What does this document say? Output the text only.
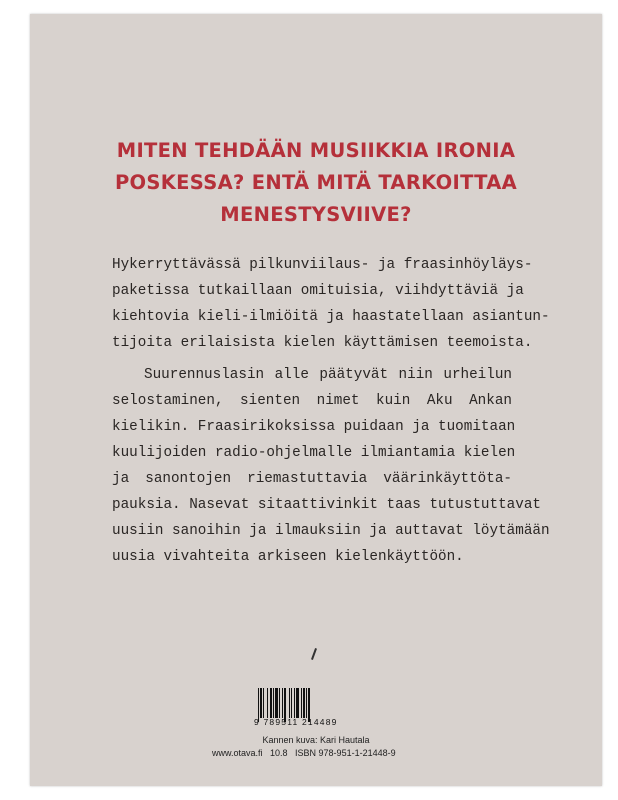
MITEN TEHDÄÄN MUSIIKKIA IRONIA
POSKESSA? ENTÄ MITÄ TARKOITTAA
MENESTYSVIIVE?
Hykerryttävässä pilkunviilaus- ja fraasinhöyläys-
paketissa tutkaillaan omituisia, viihdyttäviä ja
kiehtovia kieli-ilmiöitä ja haastatellaan asiantun-
tijoita erilaisista kielen käyttämisen teemoista.
Suurennuslasin alle päätyvät niin urheilun
selostaminen, sienten nimet kuin Aku Ankan
kielikin. Fraasirikoksissa puidaan ja tuomitaan
kuulijoiden radio-ohjelmalle ilmiantamia kielen
ja sanontojen riemastuttavia väärinkäyttöta-
pauksia. Nasevat sitaattivinkit taas tutustuttavat
uusiin sanoihin ja ilmauksiin ja auttavat löytämään
uusia vivahteita arkiseen kielenkäyttöön.
9 789511 214489
Kannen kuva: Kari Hautala
www.otava.fi   10.8   ISBN 978-951-1-21448-9
